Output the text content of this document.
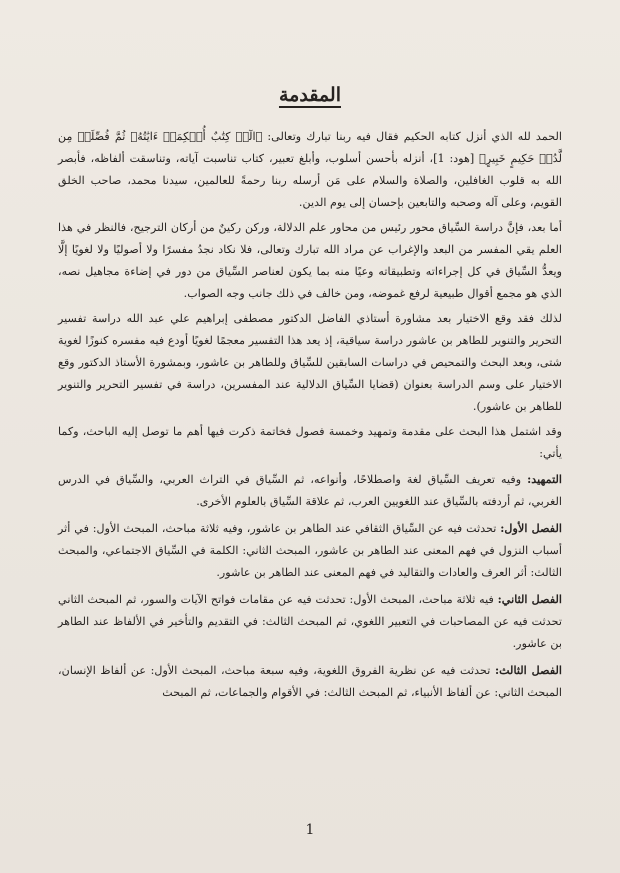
المقدمة

الحمد لله الذي أنزل كتابه الحكيم فقال فيه ربنا تبارك وتعالى: ﴿الٓرۚ كِتَٰبٌ أُحۡكِمَتۡ ءَايَٰتُهُۥ ثُمَّ فُصِّلَتۡ مِن لَّدُنۡ حَكِيمٍ خَبِيرٍ﴾ [هود: 1]، أنزله بأحسن أسلوب، وأبلغ تعبير، كتاب تناسبت آياته، وتناسقت ألفاظه، فأبصر الله به قلوب الغافلين، والصلاة والسلام على مَن أرسله ربنا رحمةً للعالمين، سيدنا محمد، صاحب الخلق القويم، وعلى آله وصحبه والتابعين بإحسان إلى يوم الدين.

أما بعد، فإنَّ دراسة السِّياق محور رئيس من محاور علم الدلالة، وركن ركينٌ من أركان الترجيح، فالنظر في هذا العلم يقي المفسر من البعد والإغراب عن مراد الله تبارك وتعالى، فلا نكاد نجدُ مفسرًا ولا أصوليًا ولا لغويًا إلَّا ويعدُّ السِّياق في كل إجراءاته وتطبيقاته وعيًا منه بما يكون لعناصر السِّياق من دور في إضاءة مجاهيل نصه، الذي هو مجمع أقوال طبيعية لرفع غموضه، ومن خالف في ذلك جانب وجه الصواب.

لذلك فقد وقع الاختيار بعد مشاورة أستاذي الفاضل الدكتور مصطفى إبراهيم علي عبد الله دراسة تفسير التحرير والتنوير للطاهر بن عاشور دراسة سياقية، إذ يعد هذا التفسير معجمًا لغويًا أودع فيه مفسره كنوزًا لغوية شتى، وبعد البحث والتمحيص في دراسات السابقين للسِّياق وللطاهر بن عاشور، وبمشورة الأستاذ الدكتور وقع الاختيار على وسم الدراسة بعنوان (قضايا السِّياق الدلالية عند المفسرين، دراسة في تفسير التحرير والتنوير للطاهر بن عاشور).

وقد اشتمل هذا البحث على مقدمة وتمهيد وخمسة فصول فخاتمة ذكرت فيها أهم ما توصل إليه الباحث، وكما يأتي:

التمهيد: وفيه تعريف السِّياق لغة واصطلاحًا، وأنواعه، ثم السِّياق في التراث العربي، والسِّياق في الدرس الغربي، ثم أردفته بالسِّياق عند اللغويين العرب، ثم علاقة السِّياق بالعلوم الأخرى.

الفصل الأول: تحدثت فيه عن السِّياق الثقافي عند الطاهر بن عاشور، وفيه ثلاثة مباحث، المبحث الأول: في أثر أسباب النزول في فهم المعنى عند الطاهر بن عاشور، المبحث الثاني: الكلمة في السِّياق الاجتماعي، والمبحث الثالث: أثر العرف والعادات والتقاليد في فهم المعنى عند الطاهر بن عاشور.

الفصل الثاني: فيه ثلاثة مباحث، المبحث الأول: تحدثت فيه عن مقامات فواتح الآيات والسور، ثم المبحث الثاني تحدثت فيه عن المصاحبات في التعبير اللغوي، ثم المبحث الثالث: في التقديم والتأخير في الألفاظ عند الطاهر بن عاشور.

الفصل الثالث: تحدثت فيه عن نظرية الفروق اللغوية، وفيه سبعة مباحث، المبحث الأول: عن ألفاظ الإنسان، المبحث الثاني: عن ألفاظ الأنبياء، ثم المبحث الثالث: في الأقوام والجماعات، ثم المبحث

1
